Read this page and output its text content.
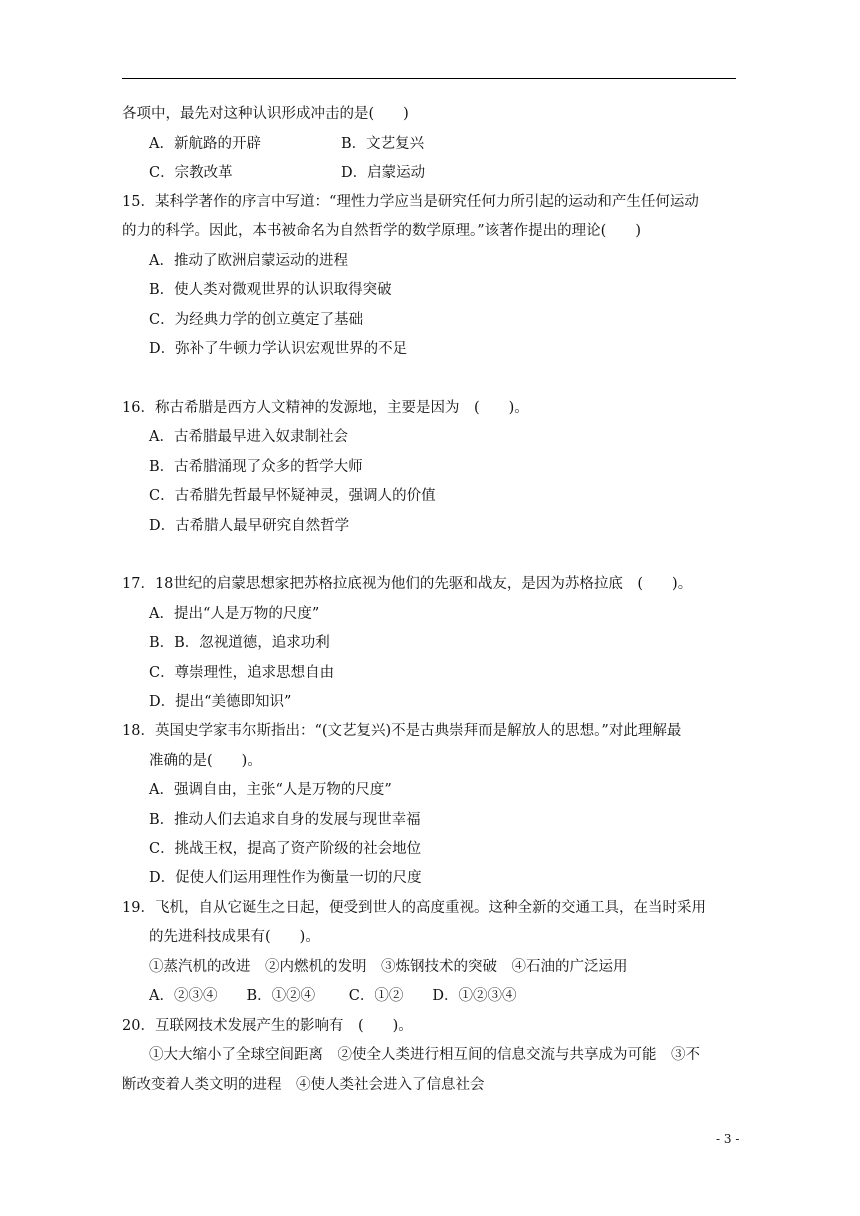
各项中，最先对这种认识形成冲击的是(　　)
A．新航路的开辟	B．文艺复兴
C．宗教改革	D．启蒙运动
15．某科学著作的序言中写道：“理性力学应当是研究任何力所引起的运动和产生任何运动
的力的科学。因此，本书被命名为自然哲学的数学原理。”该著作提出的理论(　　)
A．推动了欧洲启蒙运动的进程
B．使人类对微观世界的认识取得突破
C．为经典力学的创立奠定了基础
D．弥补了牛顿力学认识宏观世界的不足
16．称古希腊是西方人文精神的发源地，主要是因为　(　　)。
A．古希腊最早进入奴隶制社会
B．古希腊涌现了众多的哲学大师
C．古希腊先哲最早怀疑神灵，强调人的价值
D．古希腊人最早研究自然哲学
17．18世纪的启蒙思想家把苏格拉底视为他们的先驱和战友，是因为苏格拉底　(　　)。
A．提出“人是万物的尺度”
B．B．忽视道德，追求功利
C．尊崇理性，追求思想自由
D．提出“美德即知识”
18．英国史学家韦尔斯指出：“(文艺复兴)不是古典崇拜而是解放人的思想。”对此理解最
准确的是(　　)。
A．强调自由，主张“人是万物的尺度”
B．推动人们去追求自身的发展与现世幸福
C．挑战王权，提高了资产阶级的社会地位
D．促使人们运用理性作为衡量一切的尺度
19．飞机，自从它诞生之日起，便受到世人的高度重视。这种全新的交通工具，在当时采用
的先进科技成果有(　　)。
①蒸汽机的改进　②内燃机的发明　③炼钢技术的突破　④石油的广泛运用
A．②③④　　B．①②④　　 C．①②　　D．①②③④
20．互联网技术发展产生的影响有　(　　)。
①大大缩小了全球空间距离　②使全人类进行相互间的信息交流与共享成为可能　③不
断改变着人类文明的进程　④使人类社会进入了信息社会
- 3 -
